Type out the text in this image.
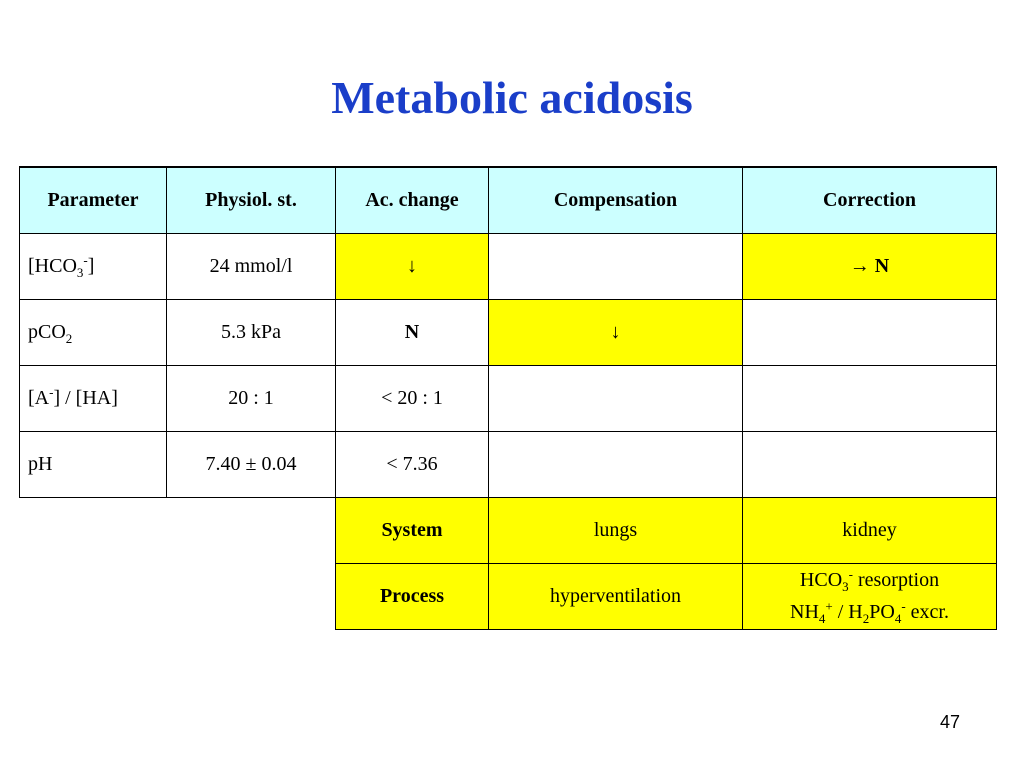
Metabolic acidosis
Parameter	Physiol. st.	Ac. change	Compensation	Correction
$[HCO_3^-]$	24 mmol/l	↓		→ N
pCO$_2$	5.3 kPa	N	↓	
[A-] / [HA]	20 : 1	< 20 : 1		
pH	7.40 ± 0.04	< 7.36		
		System	lungs	kidney
		Process	hyperventilation	$HCO_3^-$ resorption
$NH_4^+ / H_2PO_4^-$ excr.
47
